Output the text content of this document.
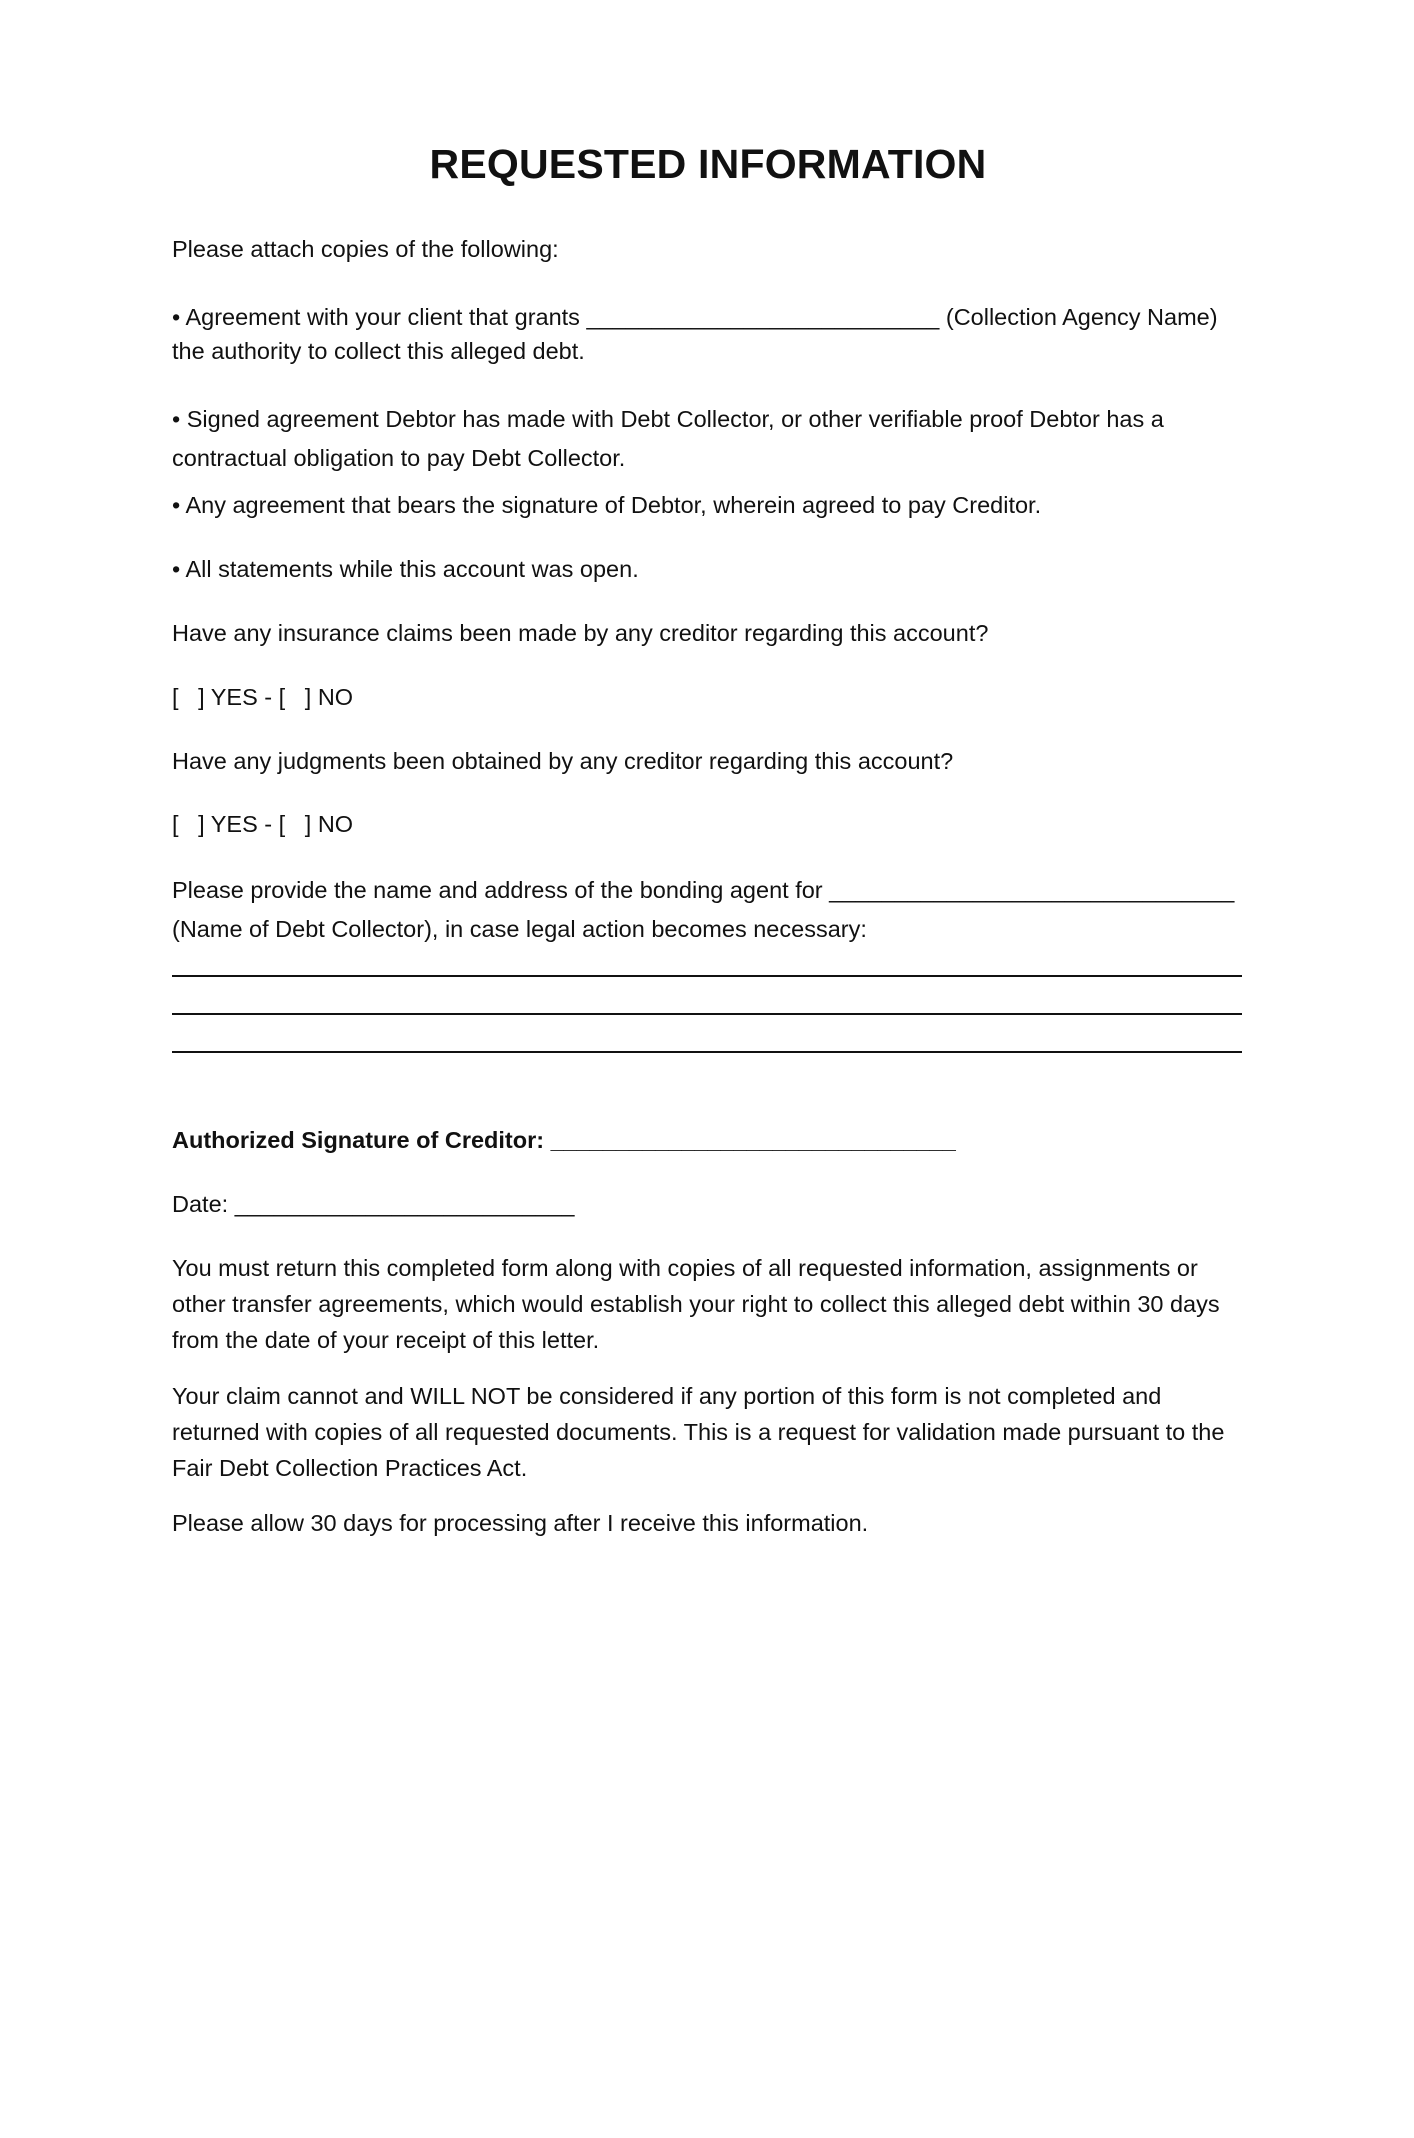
REQUESTED INFORMATION

Please attach copies of the following:

• Agreement with your client that grants ___________________________ (Collection Agency Name) the authority to collect this alleged debt.

• Signed agreement Debtor has made with Debt Collector, or other verifiable proof Debtor has a contractual obligation to pay Debt Collector.

• Any agreement that bears the signature of Debtor, wherein agreed to pay Creditor.

• All statements while this account was open.

Have any insurance claims been made by any creditor regarding this account?

[   ] YES - [   ] NO

Have any judgments been obtained by any creditor regarding this account?

[   ] YES - [   ] NO

Please provide the name and address of the bonding agent for _______________________________ (Name of Debt Collector), in case legal action becomes necessary:

Authorized Signature of Creditor: _______________________________

Date: __________________________

You must return this completed form along with copies of all requested information, assignments or other transfer agreements, which would establish your right to collect this alleged debt within 30 days from the date of your receipt of this letter.

Your claim cannot and WILL NOT be considered if any portion of this form is not completed and returned with copies of all requested documents. This is a request for validation made pursuant to the Fair Debt Collection Practices Act.

Please allow 30 days for processing after I receive this information.
